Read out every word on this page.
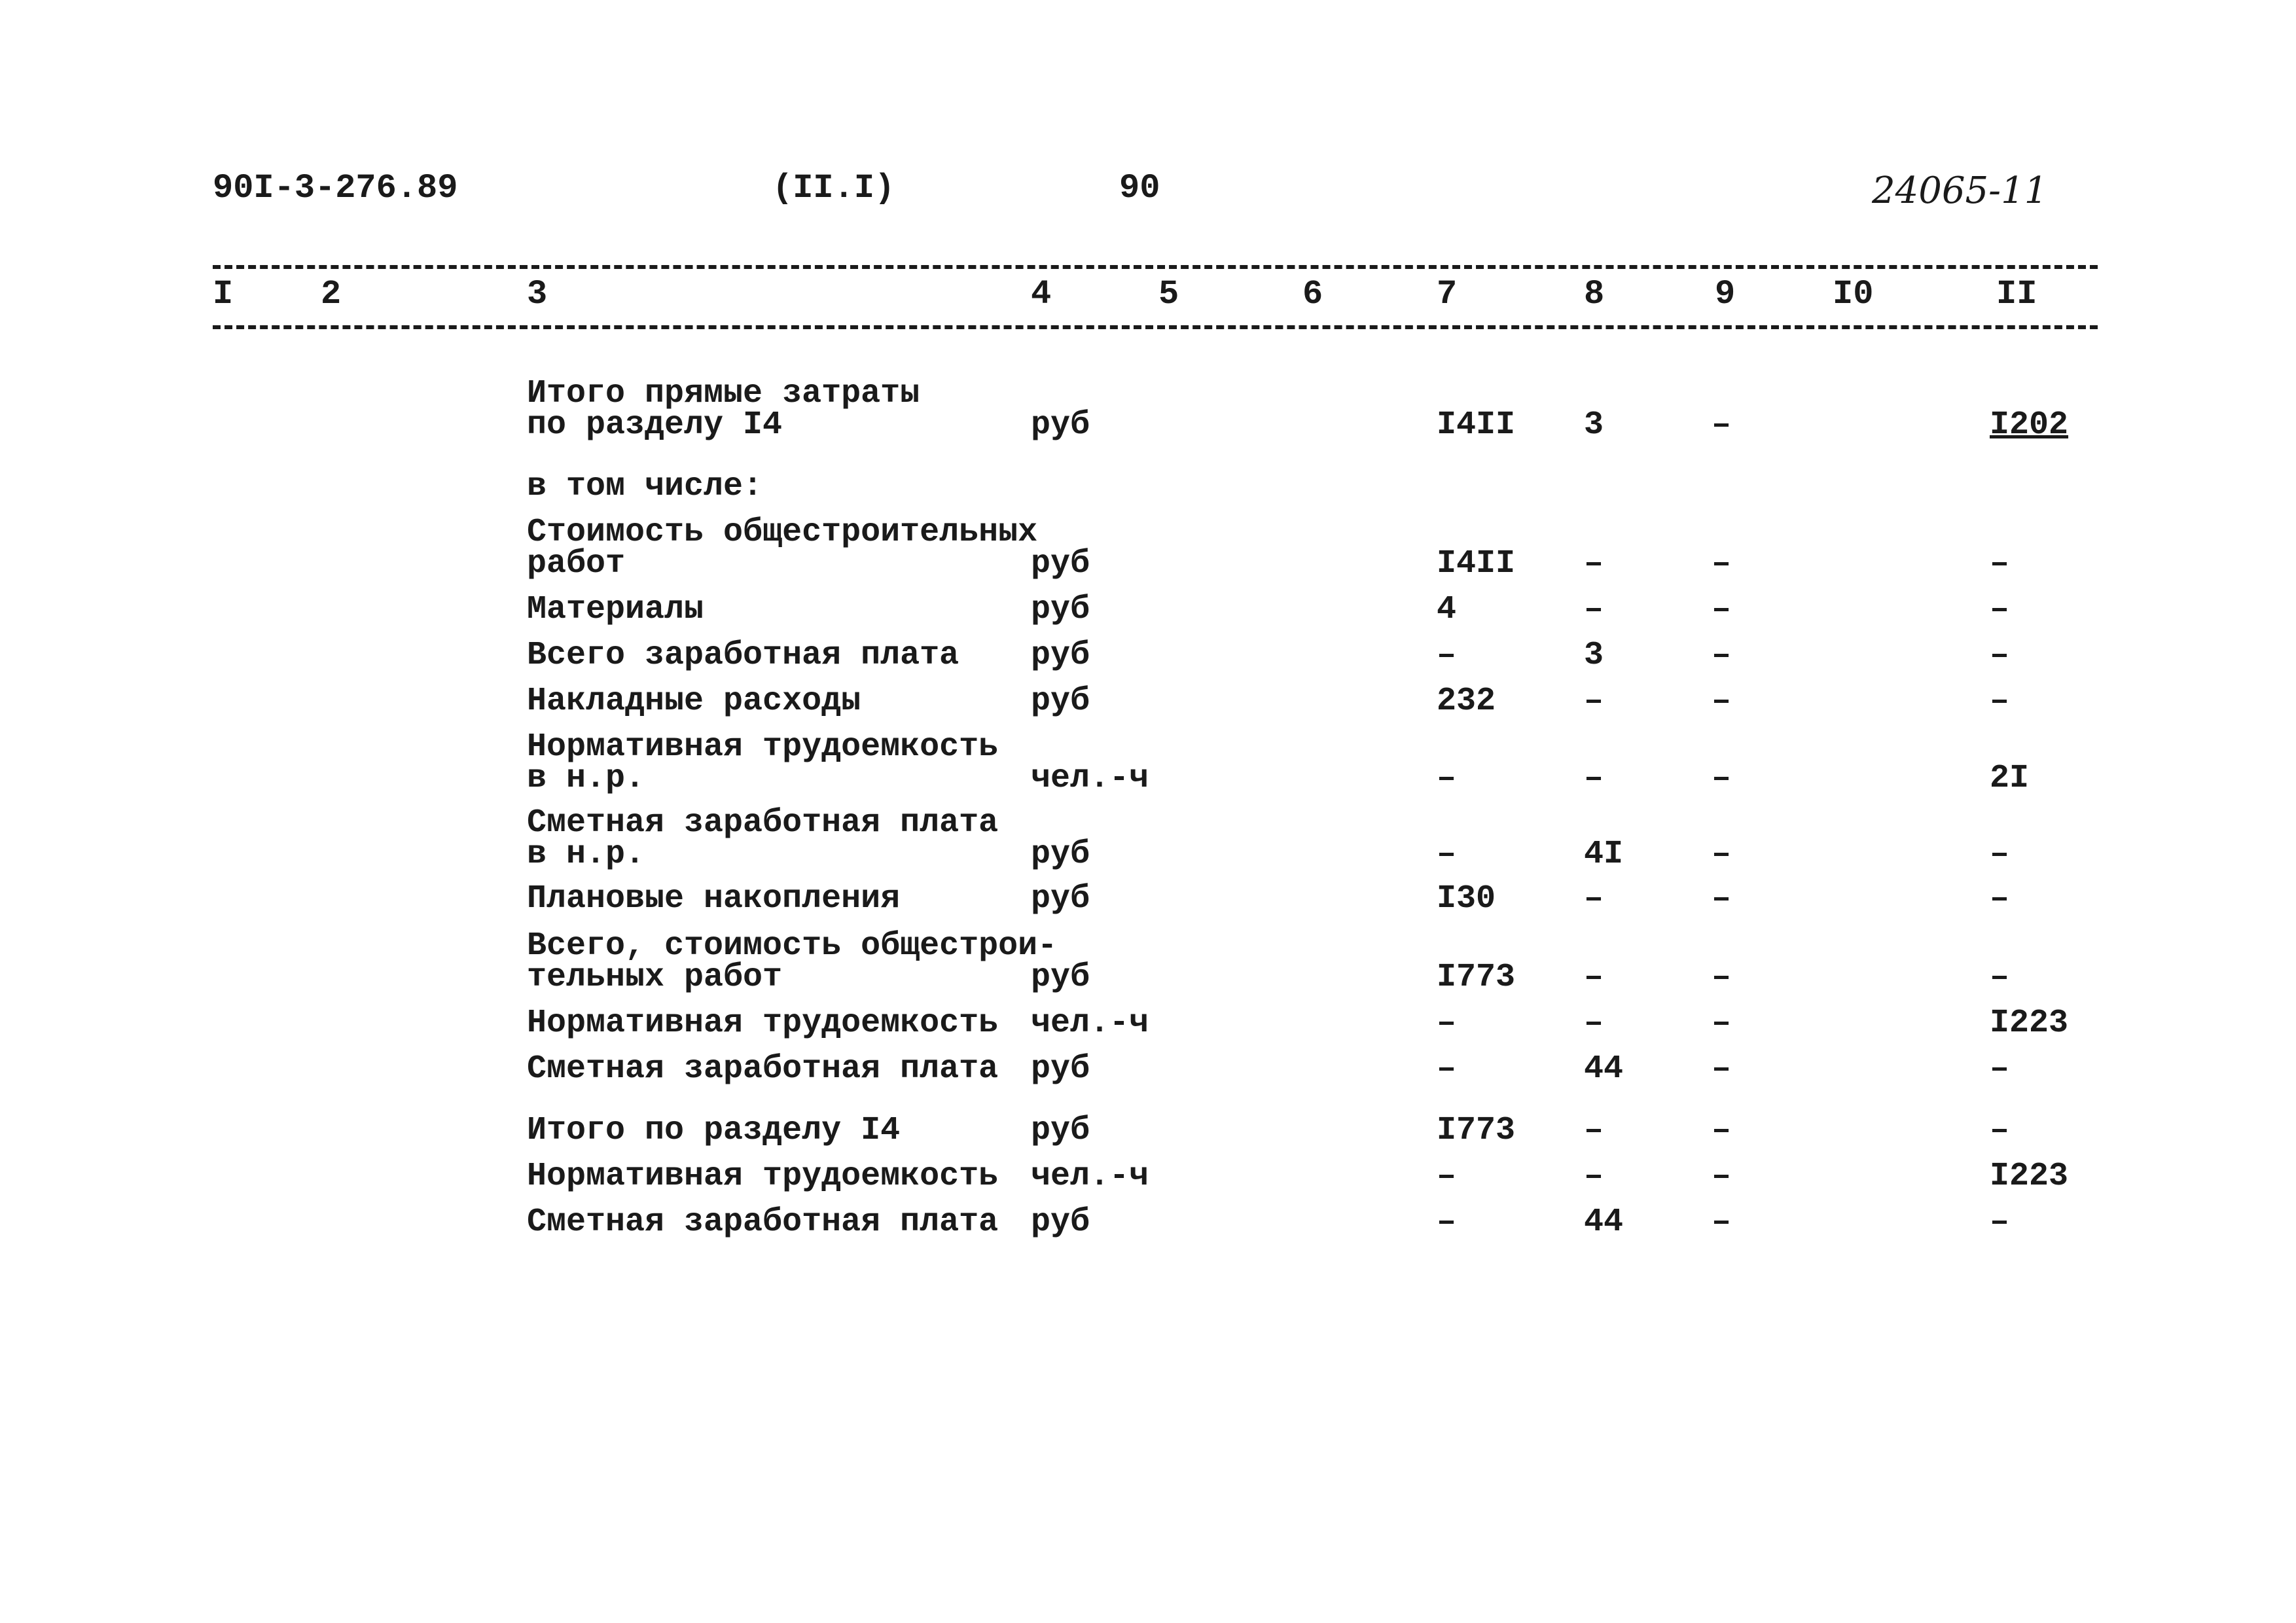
90I-3-276.89	(II.I)	90	24065-11
I	2	3	4	5	6	7	8	9	I0	II
Итого прямые затраты
по разделу I4	руб	I4II 3	–	I202
в том числе:
Стоимость общестроительных
работ	руб	I4II –	–	–
Материалы	руб	4	–	–	–
Всего заработная плата руб	–	3	–	–
Накладные расходы	руб	232	–	–	–
Нормативная трудоемкость
в н.р.	чел.-ч	–	–	–	2I
Сметная заработная плата
в н.р.	руб	–	4I	–	–
Плановые накопления	руб	I30	–	–	–
Всего, стоимость общестрои-
тельных работ	руб	I773 –	–	–
Нормативная трудоемкость чел.-ч	–	–	–	I223
Сметная заработная плата руб	–	44	–	–
Итого по разделу I4	руб	I773 –	–	–
Нормативная трудоемкость чел.-ч	–	–	–	I223
Сметная заработная плата руб	–	44	–	–
